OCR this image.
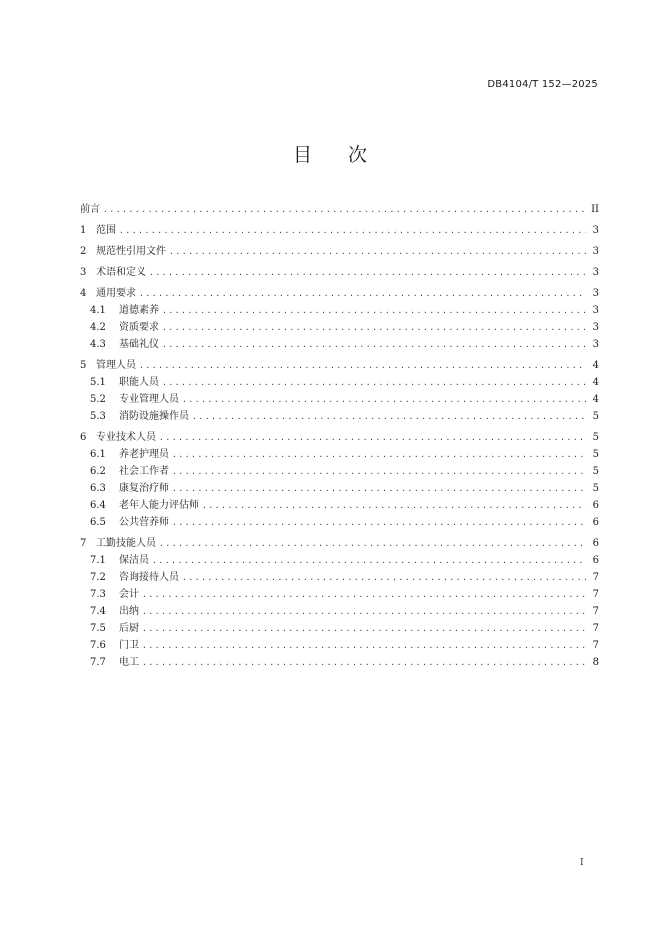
DB4104/T 152—2025
目 次
前言 .....	II
1 范围 .....	3
2 规范性引用文件 .....	3
3 术语和定义 .....	3
4 通用要求 .....	3
4.1	道德素养 .....	3
4.2	资质要求 .....	3
4.3	基础礼仪 .....	3
5 管理人员 .....	4
5.1	职能人员 .....	4
5.2	专业管理人员 .....	4
5.3	消防设施操作员 .....	5
6 专业技术人员 .....	5
6.1	养老护理员 .....	5
6.2	社会工作者 .....	5
6.3	康复治疗师 .....	5
6.4	老年人能力评估师 .....	6
6.5	公共营养师 .....	6
7 工勤技能人员 .....	6
7.1	保洁员 .....	6
7.2	咨询接待人员 .....	7
7.3	会计 .....	7
7.4	出纳 .....	7
7.5	后厨 .....	7
7.6	门卫 .....	7
7.7	电工 .....	8
I
